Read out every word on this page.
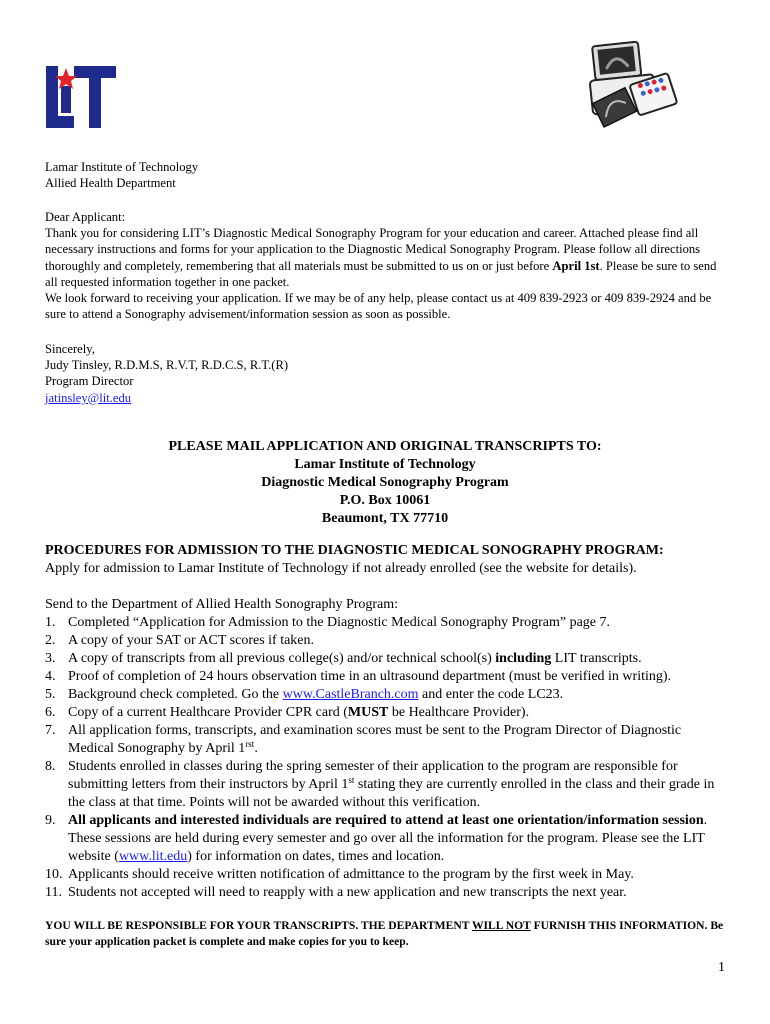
Lamar Institute of Technology
Allied Health Department
Dear Applicant:
Thank you for considering LIT’s Diagnostic Medical Sonography Program for your education and career. Attached please find all necessary instructions and forms for your application to the Diagnostic Medical Sonography Program. Please follow all directions thoroughly and completely, remembering that all materials must be submitted to us on or just before April 1st. Please be sure to send all requested information together in one packet.
We look forward to receiving your application. If we may be of any help, please contact us at 409 839-2923 or 409 839-2924 and be sure to attend a Sonography advisement/information session as soon as possible.
Sincerely,
Judy Tinsley, R.D.M.S, R.V.T, R.D.C.S, R.T.(R)
Program Director
jatinsley@lit.edu
PLEASE MAIL APPLICATION AND ORIGINAL TRANSCRIPTS TO:
Lamar Institute of Technology
Diagnostic Medical Sonography Program
P.O. Box 10061
Beaumont, TX 77710
PROCEDURES FOR ADMISSION TO THE DIAGNOSTIC MEDICAL SONOGRAPHY PROGRAM:
Apply for admission to Lamar Institute of Technology if not already enrolled (see the website for details).
Send to the Department of Allied Health Sonography Program:
1. Completed “Application for Admission to the Diagnostic Medical Sonography Program” page 7.
2. A copy of your SAT or ACT scores if taken.
3. A copy of transcripts from all previous college(s) and/or technical school(s) including LIT transcripts.
4. Proof of completion of 24 hours observation time in an ultrasound department (must be verified in writing).
5. Background check completed. Go the www.CastleBranch.com and enter the code LC23.
6. Copy of a current Healthcare Provider CPR card (MUST be Healthcare Provider).
7. All application forms, transcripts, and examination scores must be sent to the Program Director of Diagnostic Medical Sonography by April $1^{rst}$.
8. Students enrolled in classes during the spring semester of their application to the program are responsible for submitting letters from their instructors by April 1st stating they are currently enrolled in the class and their grade in the class at that time. Points will not be awarded without this verification.
9. All applicants and interested individuals are required to attend at least one orientation/information session. These sessions are held during every semester and go over all the information for the program. Please see the LIT website (www.lit.edu) for information on dates, times and location.
10. Applicants should receive written notification of admittance to the program by the first week in May.
11. Students not accepted will need to reapply with a new application and new transcripts the next year.
YOU WILL BE RESPONSIBLE FOR YOUR TRANSCRIPTS. THE DEPARTMENT WILL NOT FURNISH THIS INFORMATION. Be sure your application packet is complete and make copies for you to keep.
1
